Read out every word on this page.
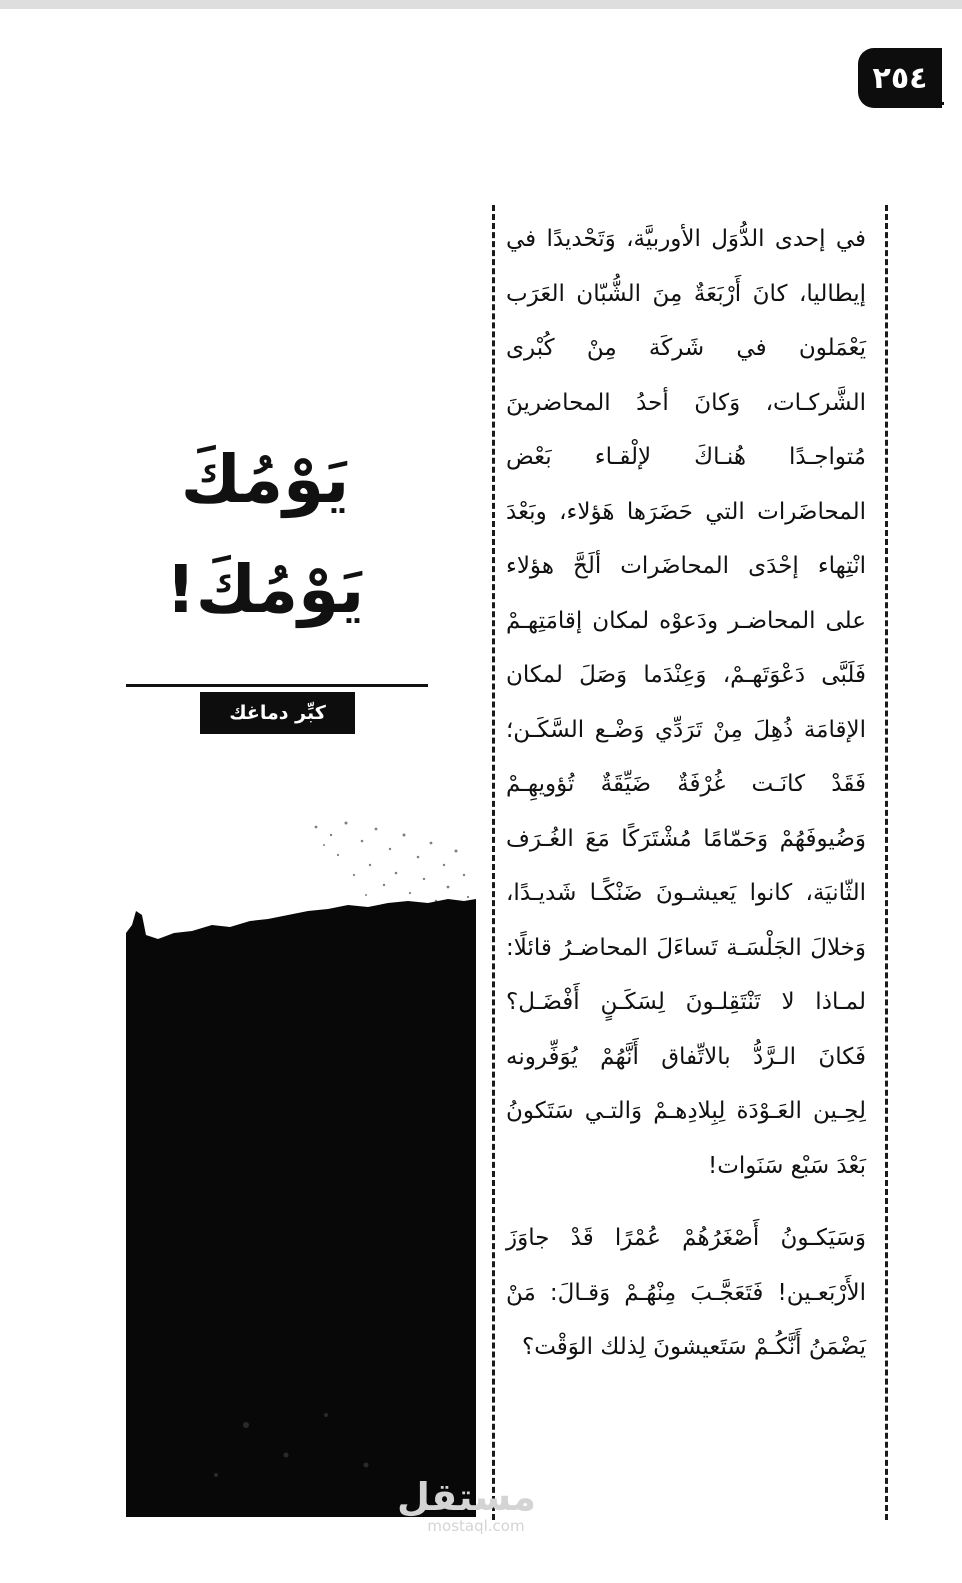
٢٥٤

في إحدى الدُّوَل الأوربيَّة، وَتَحْديدًا في إيطاليا، كانَ أَرْبَعَةٌ مِنَ الشُّبّان العَرَب يَعْمَلون في شَركَة مِنْ كُبْرى الشَّركـات، وَكانَ أحدُ المحاضرينَ مُتواجـدًا هُنـاكَ لإلْقـاء بَعْض المحاضَرات التي حَضَرَها هَؤلاء، وبَعْدَ انْتِهاء إحْدَى المحاضَرات ألَحَّ هؤلاء على المحاضـر ودَعوْه لمكان إقامَتِهـمْ فَلَبَّى دَعْوَتَهـمْ، وَعِنْدَما وَصَلَ لمكان الإقامَة ذُهِلَ مِنْ تَرَدِّي وَضْـع السَّكَـن؛ فَقَدْ كانَـت غُرْفَةٌ ضَيِّقَةٌ تُؤويهِـمْ وَضُيوفَهُمْ وَحَمّامًا مُشْتَرَكًا مَعَ الغُـرَف الثّانيَة، كانوا يَعيشـونَ ضَنْكًـا شَديـدًا، وَخلالَ الجَلْسَـة تَساءَلَ المحاضـرُ قائلًا: لمـاذا لا تَنْتَقِلـونَ لِسَكَـنٍ أَفْضَـل؟ فَكانَ الـرَّدُّ بالاتِّفاق أَنَّهُمْ يُوَفِّرونه لِحِـين العَـوْدَة لِبِلادِهـمْ وَالتـي سَتَكونُ بَعْدَ سَبْع سَنَوات!

وَسَيَكـونُ أَصْغَرُهُمْ عُمْرًا قَدْ جاوَزَ الأَرْبَعـين! فَتَعَجَّـبَ مِنْهُـمْ وَقـالَ: مَنْ يَضْمَنُ أَنَّكُـمْ سَتَعيشونَ لِذلك الوَقْت؟

يَوْمُكَ
يَوْمُكَ!
كبِّر دماغك
مستقل
mostaql.com
